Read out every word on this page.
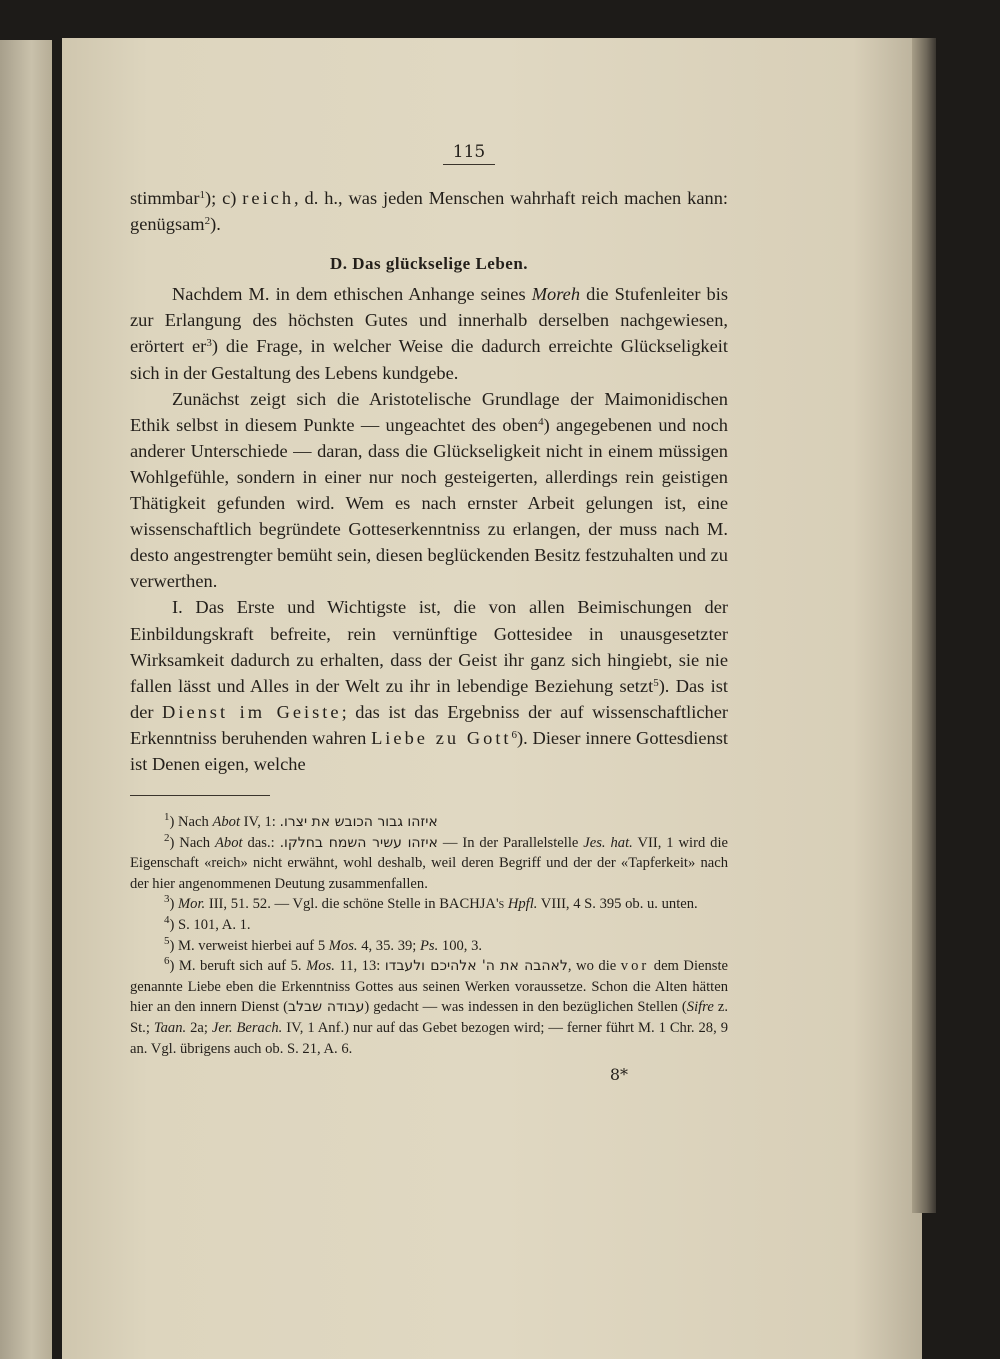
115

stimmbar$^1$); c) reich, d. h., was jeden Menschen wahrhaft reich machen kann: genügsam$^2$).

D. Das glückselige Leben.

Nachdem M. in dem ethischen Anhange seines Moreh die Stufenleiter bis zur Erlangung des höchsten Gutes und innerhalb derselben nachgewiesen, erörtert $er^3$) die Frage, in welcher Weise die dadurch erreichte Glückseligkeit sich in der Gestaltung des Lebens kundgebe.

Zunächst zeigt sich die Aristotelische Grundlage der Maimonidischen Ethik selbst in diesem Punkte — ungeachtet des oben$^4$) angegebenen und noch anderer Unterschiede — daran, dass die Glückseligkeit nicht in einem müssigen Wohlgefühle, sondern in einer nur noch gesteigerten, allerdings rein geistigen Thätigkeit gefunden wird. Wem es nach ernster Arbeit gelungen ist, eine wissenschaftlich begründete Gotteserkenntniss zu erlangen, der muss nach M. desto angestrengter bemüht sein, diesen beglückenden Besitz festzuhalten und zu verwerthen.

I. Das Erste und Wichtigste ist, die von allen Beimischungen der Einbildungskraft befreite, rein vernünftige Gottesidee in unausgesetzter Wirksamkeit dadurch zu erhalten, dass der Geist ihr ganz sich hingiebt, sie nie fallen lässt und Alles in der Welt zu ihr in lebendige Beziehung setzt$^5$). Das ist der Dienst im Geiste; das ist das Ergebniss der auf wissenschaftlicher Erkenntniss beruhenden wahren Liebe zu Gott$^6$). Dieser innere Gottesdienst ist Denen eigen, welche

$^1$) Nach Abot IV, 1: איזהו גבור הכובש את יצרו.

$^2$) Nach Abot das.: איזהו עשיר השמח בחלקו. — In der Parallelstelle Jes. hat. VII, 1 wird die Eigenschaft «reich» nicht erwähnt, wohl deshalb, weil deren Begriff und der der «Tapferkeit» nach der hier angenommenen Deutung zusammenfallen.

$^3$) Mor. III, 51. 52. — Vgl. die schöne Stelle in BACHJA's Hpfl. VIII, 4 S. 395 ob. u. unten.

$^4$) S. 101, A. 1.

$^5$) M. verweist hierbei auf 5 Mos. 4, 35. 39; Ps. 100, 3.

$^6$) M. beruft sich auf 5. Mos. 11, 13: לאהבה את ה' אלהיכם ולעבדו, wo die vor dem Dienste genannte Liebe eben die Erkenntniss Gottes aus seinen Werken voraussetze. Schon die Alten hätten hier an den innern Dienst (עבודה שבלב) gedacht — was indessen in den bezüglichen Stellen (Sifre z. St.; Taan. 2a; Jer. Berach. IV, 1 Anf.) nur auf das Gebet bezogen wird; — ferner führt M. 1 Chr. 28, 9 an. Vgl. übrigens auch ob. S. 21, A. 6.

8*
